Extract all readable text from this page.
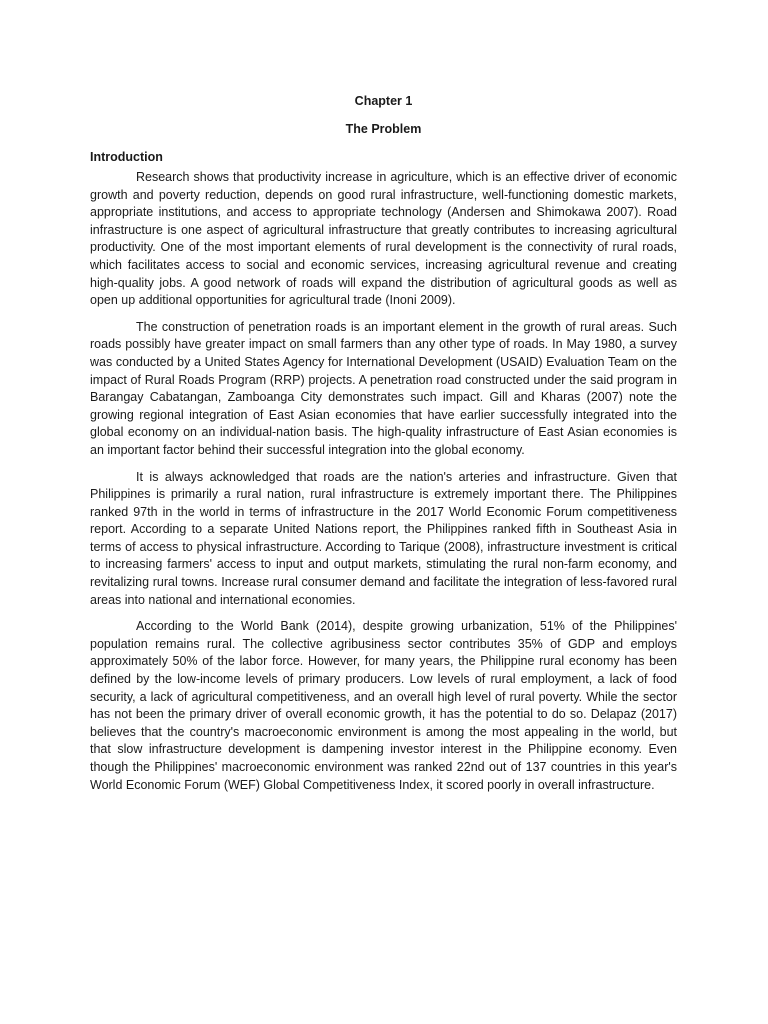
Chapter 1
The Problem
Introduction

Research shows that productivity increase in agriculture, which is an effective driver of economic growth and poverty reduction, depends on good rural infrastructure, well-functioning domestic markets, appropriate institutions, and access to appropriate technology (Andersen and Shimokawa 2007). Road infrastructure is one aspect of agricultural infrastructure that greatly contributes to increasing agricultural productivity. One of the most important elements of rural development is the connectivity of rural roads, which facilitates access to social and economic services, increasing agricultural revenue and creating high-quality jobs. A good network of roads will expand the distribution of agricultural goods as well as open up additional opportunities for agricultural trade (Inoni 2009).

The construction of penetration roads is an important element in the growth of rural areas. Such roads possibly have greater impact on small farmers than any other type of roads. In May 1980, a survey was conducted by a United States Agency for International Development (USAID) Evaluation Team on the impact of Rural Roads Program (RRP) projects. A penetration road constructed under the said program in Barangay Cabatangan, Zamboanga City demonstrates such impact. Gill and Kharas (2007) note the growing regional integration of East Asian economies that have earlier successfully integrated into the global economy on an individual-nation basis. The high-quality infrastructure of East Asian economies is an important factor behind their successful integration into the global economy.

It is always acknowledged that roads are the nation's arteries and infrastructure. Given that Philippines is primarily a rural nation, rural infrastructure is extremely important there. The Philippines ranked 97th in the world in terms of infrastructure in the 2017 World Economic Forum competitiveness report. According to a separate United Nations report, the Philippines ranked fifth in Southeast Asia in terms of access to physical infrastructure. According to Tarique (2008), infrastructure investment is critical to increasing farmers' access to input and output markets, stimulating the rural non-farm economy, and revitalizing rural towns. Increase rural consumer demand and facilitate the integration of less-favored rural areas into national and international economies.

According to the World Bank (2014), despite growing urbanization, 51% of the Philippines' population remains rural. The collective agribusiness sector contributes 35% of GDP and employs approximately 50% of the labor force. However, for many years, the Philippine rural economy has been defined by the low-income levels of primary producers. Low levels of rural employment, a lack of food security, a lack of agricultural competitiveness, and an overall high level of rural poverty. While the sector has not been the primary driver of overall economic growth, it has the potential to do so. Delapaz (2017) believes that the country's macroeconomic environment is among the most appealing in the world, but that slow infrastructure development is dampening investor interest in the Philippine economy. Even though the Philippines' macroeconomic environment was ranked 22nd out of 137 countries in this year's World Economic Forum (WEF) Global Competitiveness Index, it scored poorly in overall infrastructure.
